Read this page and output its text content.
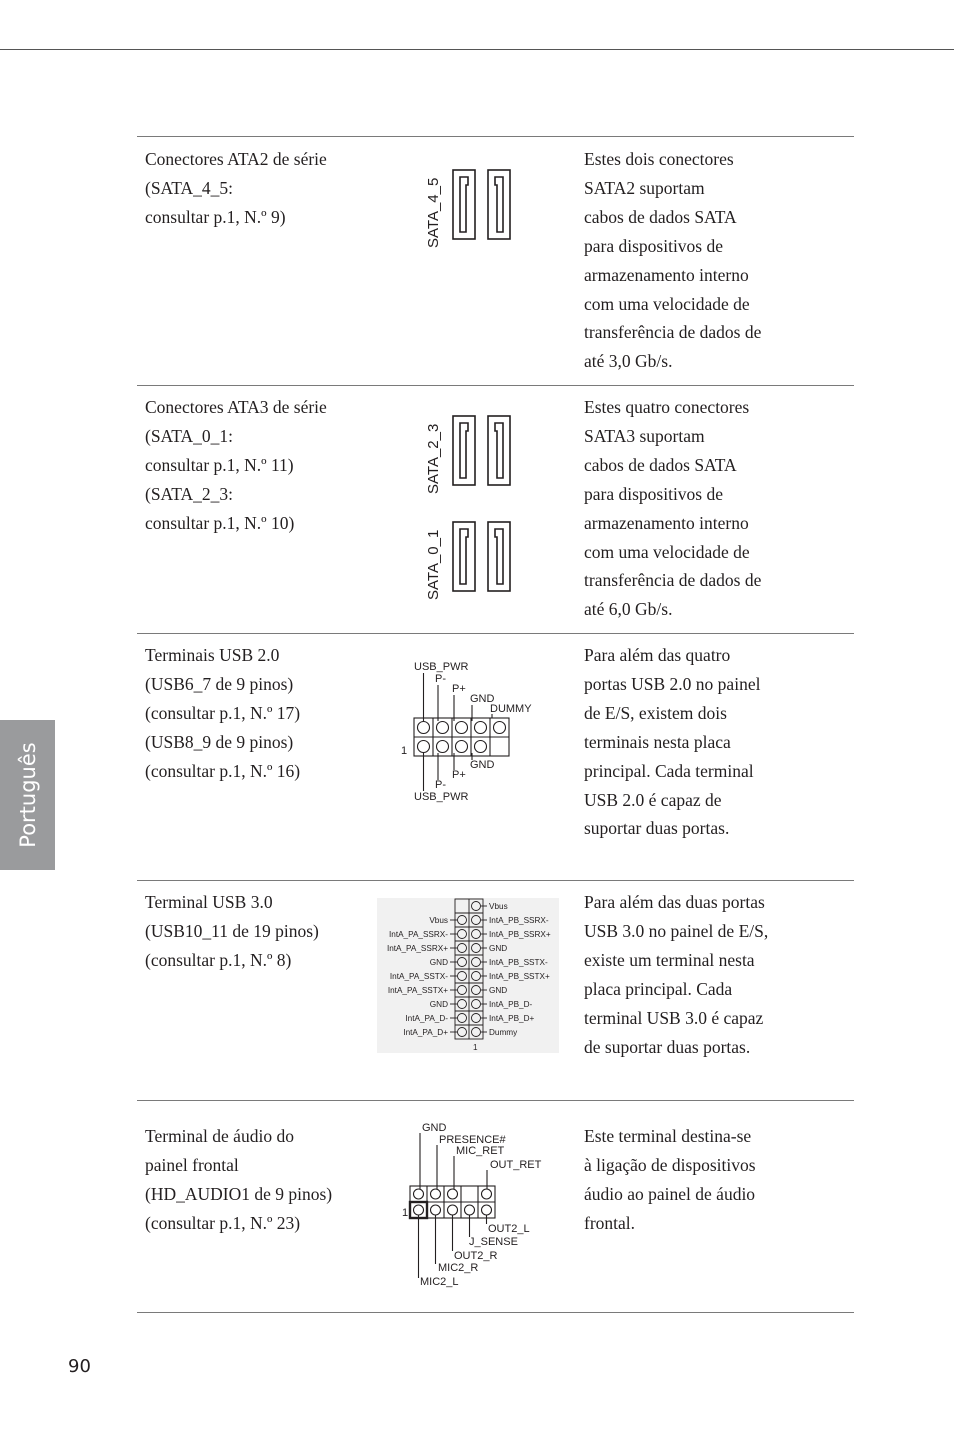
Conectores ATA2 de série
(SATA_4_5:
consultar p.1, N.º 9)
Estes dois conectores
SATA2 suportam
cabos de dados SATA
para dispositivos de
armazenamento interno
com uma velocidade de
transferência de dados de
até 3,0 Gb/s.
SATA_4_5
Conectores ATA3 de série
(SATA_0_1:
consultar p.1, N.º 11)
(SATA_2_3:
consultar p.1, N.º 10)
Estes quatro conectores
SATA3 suportam
cabos de dados SATA
para dispositivos de
armazenamento interno
com uma velocidade de
transferência de dados de
até 6,0 Gb/s.
SATA_2_3
SATA_0_1
Terminais USB 2.0
(USB6_7 de 9 pinos)
(consultar p.1, N.º 17)
(USB8_9 de 9 pinos)
(consultar p.1, N.º 16)
Para além das quatro
portas USB 2.0 no painel
de E/S, existem dois
terminais nesta placa
principal. Cada terminal
USB 2.0 é capaz de
suportar duas portas.
USB_PWR
P-
P+
GND
DUMMY
1
GND
P+
P-
USB_PWR
Terminal USB 3.0
(USB10_11 de 19 pinos)
(consultar p.1, N.º 8)
Para além das duas portas
USB 3.0 no painel de E/S,
existe um terminal nesta
placa principal. Cada
terminal USB 3.0 é capaz
de suportar duas portas.
Vbus
IntA_PA_SSRX-
IntA_PA_SSRX+
GND
IntA_PA_SSTX-
IntA_PA_SSTX+
GND
IntA_PA_D-
IntA_PA_D+
Vbus
IntA_PB_SSRX-
IntA_PB_SSRX+
GND
IntA_PB_SSTX-
IntA_PB_SSTX+
GND
IntA_PB_D-
IntA_PB_D+
Dummy
1
Terminal de áudio do
painel frontal
(HD_AUDIO1 de 9 pinos)
(consultar p.1, N.º 23)
Este terminal destina-se
à ligação de dispositivos
áudio ao painel de áudio
frontal.
GND
PRESENCE#
MIC_RET
OUT_RET
1
OUT2_L
J_SENSE
OUT2_R
MIC2_R
MIC2_L
Português
90
